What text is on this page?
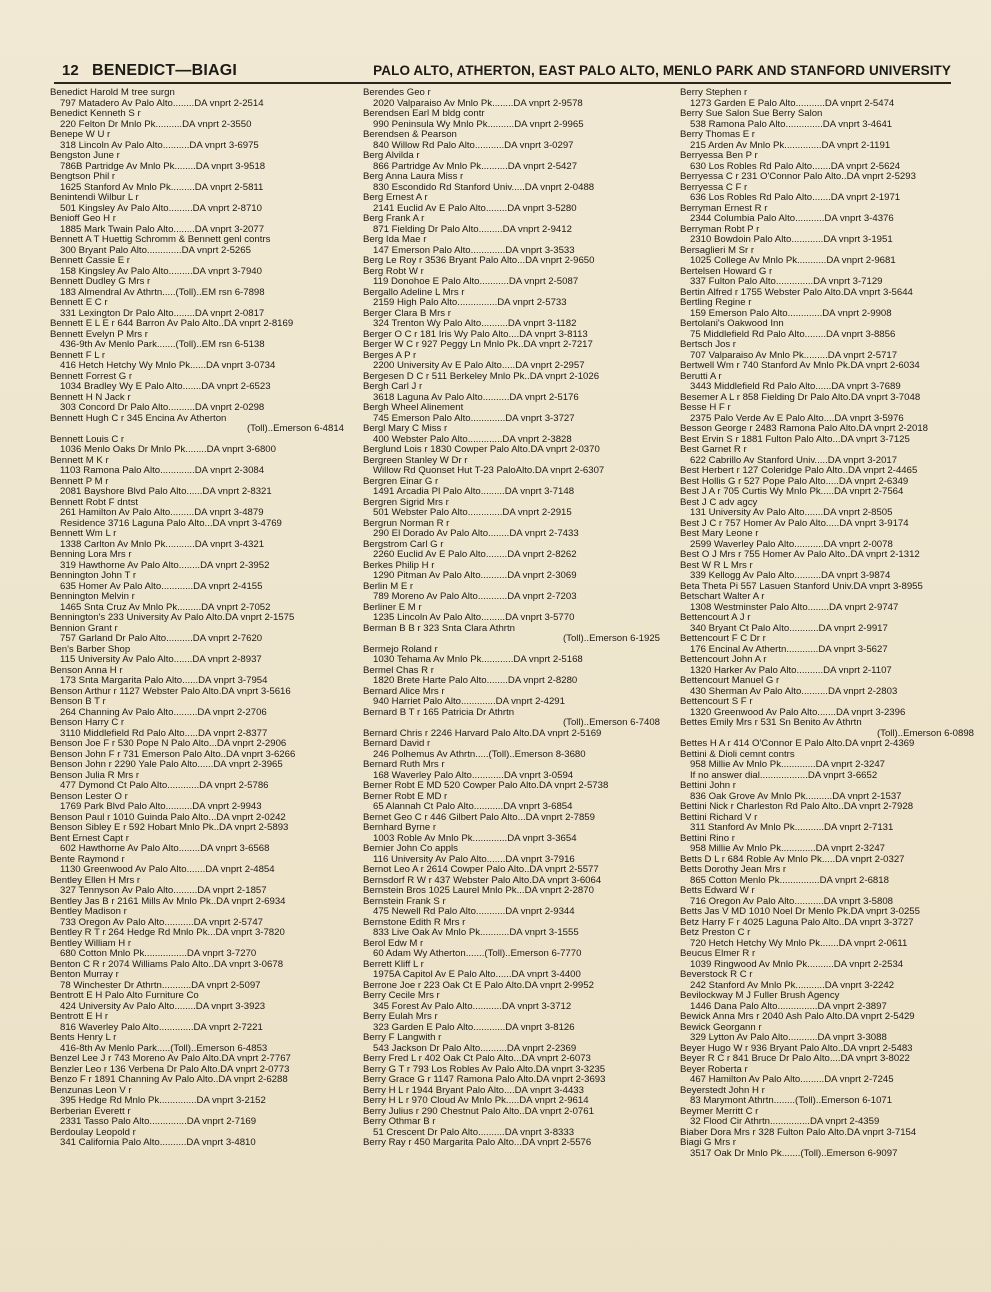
12 BENEDICT—BIAGI	PALO ALTO, ATHERTON, EAST PALO ALTO, MENLO PARK AND STANFORD UNIVERSITY
Benedict Harold M tree surgn
797 Matadero Av Palo Alto........DA vnprt 2-2514
Benedict Kenneth S r
220 Felton Dr Mnlo Pk..........DA vnprt 2-3550
Benepe W U r
318 Lincoln Av Palo Alto..........DA vnprt 3-6975
Bengston June r
786B Partridge Av Mnlo Pk........DA vnprt 3-9518
Bengtson Phil r
1625 Stanford Av Mnlo Pk.........DA vnprt 2-5811
Benintendi Wilbur L r
501 Kingsley Av Palo Alto.........DA vnprt 2-8710
Benioff Geo H r
1885 Mark Twain Palo Alto........DA vnprt 3-2077
Bennett A T Huettig Schromm & Bennett genl contrs
300 Bryant Palo Alto.............DA vnprt 2-5265
Bennett Cassie E r
158 Kingsley Av Palo Alto.........DA vnprt 3-7940
Bennett Dudley G Mrs r
183 Almendral Av Athrtn.....(Toll)..EM rsn 6-7898
Bennett E C r
331 Lexington Dr Palo Alto........DA vnprt 2-0817
Bennett E L E r 644 Barron Av Palo Alto..DA vnprt 2-8169
Bennett Evelyn P Mrs r
436-9th Av Menlo Park.......(Toll)..EM rsn 6-5138
Bennett F L r
416 Hetch Hetchy Wy Mnlo Pk......DA vnprt 3-0734
Bennett Forrest G r
1034 Bradley Wy E Palo Alto.......DA vnprt 2-6523
Bennett H N Jack r
303 Concord Dr Palo Alto..........DA vnprt 2-0298
Bennett Hugh C r 345 Encina Av Atherton
(Toll)..Emerson 6-4814
Bennett Louis C r
1036 Menlo Oaks Dr Mnlo Pk........DA vnprt 3-6800
Bennett M K r
1103 Ramona Palo Alto.............DA vnprt 2-3084
Bennett P M r
2081 Bayshore Blvd Palo Alto......DA vnprt 2-8321
Bennett Robt F dntst
261 Hamilton Av Palo Alto.........DA vnprt 3-4879
Residence 3716 Laguna Palo Alto...DA vnprt 3-4769
Bennett Wm L r
1338 Carlton Av Mnlo Pk...........DA vnprt 3-4321
Benning Lora Mrs r
319 Hawthorne Av Palo Alto........DA vnprt 2-3952
Bennington John T r
635 Homer Av Palo Alto............DA vnprt 2-4155
Bennington Melvin r
1465 Snta Cruz Av Mnlo Pk.........DA vnprt 2-7052
Bennington's 233 University Av Palo Alto.DA vnprt 2-1575
Bennion Grant r
757 Garland Dr Palo Alto..........DA vnprt 2-7620
Ben's Barber Shop
115 University Av Palo Alto.......DA vnprt 2-8937
Benson Anna H r
173 Snta Margarita Palo Alto......DA vnprt 3-7954
Benson Arthur r 1127 Webster Palo Alto.DA vnprt 3-5616
Benson B T r
264 Channing Av Palo Alto.........DA vnprt 2-2706
Benson Harry C r
3110 Middlefield Rd Palo Alto.....DA vnprt 2-8377
Benson Joe F r 530 Pope N Palo Alto...DA vnprt 2-2906
Benson John F r 731 Emerson Palo Alto..DA vnprt 3-6266
Benson John r 2290 Yale Palo Alto......DA vnprt 2-3965
Benson Julia R Mrs r
477 Dymond Ct Palo Alto............DA vnprt 2-5786
Benson Lester O r
1769 Park Blvd Palo Alto..........DA vnprt 2-9943
Benson Paul r 1010 Guinda Palo Alto...DA vnprt 2-0242
Benson Sibley E r 592 Hobart Mnlo Pk..DA vnprt 2-5893
Bent Ernest Capt r
602 Hawthorne Av Palo Alto........DA vnprt 3-6568
Bente Raymond r
1130 Greenwood Av Palo Alto.......DA vnprt 2-4854
Bentley Ellen H Mrs r
327 Tennyson Av Palo Alto.........DA vnprt 2-1857
Bentley Jas B r 2161 Mills Av Mnlo Pk..DA vnprt 2-6934
Bentley Madison r
733 Oregon Av Palo Alto...........DA vnprt 2-5747
Bentley R T r 264 Hedge Rd Mnlo Pk...DA vnprt 3-7820
Bentley William H r
680 Cotton Mnlo Pk................DA vnprt 3-7270
Benton C R r 2074 Williams Palo Alto..DA vnprt 3-0678
Benton Murray r
78 Winchester Dr Athrtn...........DA vnprt 2-5097
Bentrott E H Palo Alto Furniture Co
424 University Av Palo Alto........DA vnprt 3-3923
Bentrott E H r
816 Waverley Palo Alto.............DA vnprt 2-7221
Bents Henry L r
416-8th Av Menlo Park.....(Toll)..Emerson 6-4853
Benzel Lee J r 743 Moreno Av Palo Alto.DA vnprt 2-7767
Benzler Leo r 136 Verbena Dr Palo Alto.DA vnprt 2-0773
Benzo F r 1891 Channing Av Palo Alto..DA vnprt 2-6288
Benzunas Leon V r
395 Hedge Rd Mnlo Pk..............DA vnprt 3-2152
Berberian Everett r
2331 Tasso Palo Alto..............DA vnprt 2-7169
Berdoulay Leopold r
341 California Palo Alto..........DA vnprt 3-4810
Berendes Geo r
2020 Valparaiso Av Mnlo Pk........DA vnprt 2-9578
Berendsen Earl M bldg contr
990 Peninsula Wy Mnlo Pk..........DA vnprt 2-9965
Berendsen & Pearson
840 Willow Rd Palo Alto...........DA vnprt 3-0297
Berg Alvilda r
866 Partridge Av Mnlo Pk..........DA vnprt 2-5427
Berg Anna Laura Miss r
830 Escondido Rd Stanford Univ.....DA vnprt 2-0488
Berg Ernest A r
2141 Euclid Av E Palo Alto........DA vnprt 3-5280
Berg Frank A r
871 Fielding Dr Palo Alto.........DA vnprt 2-9412
Berg Ida Mae r
147 Emerson Palo Alto.............DA vnprt 3-3533
Berg Le Roy r 3536 Bryant Palo Alto...DA vnprt 2-9650
Berg Robt W r
119 Donohoe E Palo Alto...........DA vnprt 2-5087
Bergallo Adeline L Mrs r
2159 High Palo Alto...............DA vnprt 2-5733
Berger Clara B Mrs r
324 Trenton Wy Palo Alto..........DA vnprt 3-1182
Berger O C r 181 Iris Wy Palo Alto....DA vnprt 3-8113
Berger W C r 927 Peggy Ln Mnlo Pk..DA vnprt 2-7217
Berges A P r
2200 University Av E Palo Alto.....DA vnprt 2-2957
Bergesen D C r 511 Berkeley Mnlo Pk..DA vnprt 2-1026
Bergh Carl J r
3618 Laguna Av Palo Alto..........DA vnprt 2-5176
Bergh Wheel Alinement
745 Emerson Palo Alto.............DA vnprt 3-3727
Bergl Mary C Miss r
400 Webster Palo Alto.............DA vnprt 2-3828
Berglund Lois r 1830 Cowper Palo Alto.DA vnprt 2-0370
Bergreen Stanley W Dr r
Willow Rd Quonset Hut T-23 PaloAlto.DA vnprt 2-6307
Bergren Einar G r
1491 Arcadia Pl Palo Alto.........DA vnprt 3-7148
Bergren Sigrid Mrs r
501 Webster Palo Alto.............DA vnprt 2-2915
Bergrun Norman R r
290 El Dorado Av Palo Alto........DA vnprt 2-7433
Bergstrom Carl G r
2260 Euclid Av E Palo Alto........DA vnprt 2-8262
Berkes Philip H r
1290 Pitman Av Palo Alto..........DA vnprt 2-3069
Berlin M E r
789 Moreno Av Palo Alto...........DA vnprt 2-7203
Berliner E M r
1235 Lincoln Av Palo Alto.........DA vnprt 3-5770
Berman B B r 323 Snta Clara Athrtn
(Toll)..Emerson 6-1925
Bermejo Roland r
1030 Tehama Av Mnlo Pk............DA vnprt 2-5168
Bermel Chas R r
1820 Brete Harte Palo Alto........DA vnprt 2-8280
Bernard Alice Mrs r
940 Harriet Palo Alto.............DA vnprt 2-4291
Bernard B T r 165 Patricia Dr Athrtn
(Toll)..Emerson 6-7408
Bernard Chris r 2246 Harvard Palo Alto.DA vnprt 2-5169
Bernard David r
246 Polhemus Av Athrtn.....(Toll)..Emerson 8-3680
Bernard Ruth Mrs r
168 Waverley Palo Alto............DA vnprt 3-0594
Berner Robt E MD 520 Cowper Palo Alto.DA vnprt 2-5738
Berner Robt E MD r
65 Alannah Ct Palo Alto...........DA vnprt 3-6854
Bernet Geo C r 446 Gilbert Palo Alto...DA vnprt 2-7859
Bernhard Byrne r
1003 Roble Av Mnlo Pk.............DA vnprt 3-3654
Bernier John Co appls
116 University Av Palo Alto.......DA vnprt 3-7916
Bernot Leo A r 2614 Cowper Palo Alto..DA vnprt 2-5577
Bernsdorf R W r 437 Webster Palo Alto.DA vnprt 3-6064
Bernstein Bros 1025 Laurel Mnlo Pk...DA vnprt 2-2870
Bernstein Frank S r
475 Newell Rd Palo Alto...........DA vnprt 2-9344
Bernstone Edith R Mrs r
833 Live Oak Av Mnlo Pk...........DA vnprt 3-1555
Berol Edw M r
60 Adam Wy Atherton.......(Toll)..Emerson 6-7770
Berrett Kliff L r
1975A Capitol Av E Palo Alto......DA vnprt 3-4400
Berrone Joe r 223 Oak Ct E Palo Alto.DA vnprt 2-9952
Berry Cecile Mrs r
345 Forest Av Palo Alto...........DA vnprt 3-3712
Berry Eulah Mrs r
323 Garden E Palo Alto............DA vnprt 3-8126
Berry F Langwith r
543 Jackson Dr Palo Alto..........DA vnprt 2-2369
Berry Fred L r 402 Oak Ct Palo Alto...DA vnprt 2-6073
Berry G T r 793 Los Robles Av Palo Alto.DA vnprt 3-3235
Berry Grace G r 1147 Ramona Palo Alto.DA vnprt 2-3693
Berry H L r 1944 Bryant Palo Alto....DA vnprt 3-4433
Berry H L r 970 Cloud Av Mnlo Pk.....DA vnprt 2-9614
Berry Julius r 290 Chestnut Palo Alto..DA vnprt 2-0761
Berry Othmar B r
51 Crescent Dr Palo Alto..........DA vnprt 3-8333
Berry Ray r 450 Margarita Palo Alto...DA vnprt 2-5576
Berry Stephen r
1273 Garden E Palo Alto...........DA vnprt 2-5474
Berry Sue Salon Sue Berry Salon
538 Ramona Palo Alto..............DA vnprt 3-4641
Berry Thomas E r
215 Arden Av Mnlo Pk..............DA vnprt 2-1191
Berryessa Ben P r
630 Los Robles Rd Palo Alto.......DA vnprt 2-5624
Berryessa C r 231 O'Connor Palo Alto..DA vnprt 2-5293
Berryessa C F r
636 Los Robles Rd Palo Alto.......DA vnprt 2-1971
Berryman Ernest R r
2344 Columbia Palo Alto...........DA vnprt 3-4376
Berryman Robt P r
2310 Bowdoin Palo Alto............DA vnprt 3-1951
Bersaglieri M Sr r
1025 College Av Mnlo Pk...........DA vnprt 2-9681
Bertelsen Howard G r
337 Fulton Palo Alto..............DA vnprt 3-7129
Bertin Alfred r 1755 Webster Palo Alto.DA vnprt 3-5644
Bertling Regine r
159 Emerson Palo Alto.............DA vnprt 2-9908
Bertolani's Oakwood Inn
75 Middlefield Rd Palo Alto........DA vnprt 3-8856
Bertsch Jos r
707 Valparaiso Av Mnlo Pk.........DA vnprt 2-5717
Bertwell Wm r 740 Stanford Av Mnlo Pk.DA vnprt 2-6034
Berutti A r
3443 Middlefield Rd Palo Alto......DA vnprt 3-7689
Besemer A L r 858 Fielding Dr Palo Alto.DA vnprt 3-7048
Besse H F r
2375 Palo Verde Av E Palo Alto....DA vnprt 3-5976
Besson George r 2483 Ramona Palo Alto.DA vnprt 2-2018
Best Ervin S r 1881 Fulton Palo Alto...DA vnprt 3-7125
Best Garnet R r
622 Cabrillo Av Stanford Univ.....DA vnprt 3-2017
Best Herbert r 127 Coleridge Palo Alto..DA vnprt 2-4465
Best Hollis G r 527 Pope Palo Alto.....DA vnprt 2-6349
Best J A r 705 Curtis Wy Mnlo Pk.....DA vnprt 2-7564
Best J C adv agcy
131 University Av Palo Alto.......DA vnprt 2-8505
Best J C r 757 Homer Av Palo Alto.....DA vnprt 3-9174
Best Mary Leone r
2599 Waverley Palo Alto...........DA vnprt 2-0078
Best O J Mrs r 755 Homer Av Palo Alto..DA vnprt 2-1312
Best W R L Mrs r
339 Kellogg Av Palo Alto..........DA vnprt 3-9874
Beta Theta Pi 557 Lasuen Stanford Univ.DA vnprt 3-8955
Betschart Walter A r
1308 Westminster Palo Alto........DA vnprt 2-9747
Bettencourt A J r
340 Bryant Ct Palo Alto...........DA vnprt 2-9917
Bettencourt F C Dr r
176 Encinal Av Athertn............DA vnprt 3-5627
Bettencourt John A r
1320 Harker Av Palo Alto..........DA vnprt 2-1107
Bettencourt Manuel G r
430 Sherman Av Palo Alto..........DA vnprt 2-2803
Bettencourt S F r
1320 Greenwood Av Palo Alto.......DA vnprt 3-2396
Bettes Emily Mrs r 531 Sn Benito Av Athrtn
(Toll)..Emerson 6-0898
Bettes H A r 414 O'Connor E Palo Alto.DA vnprt 2-4369
Bettini & Dioli cemnt contrs
958 Millie Av Mnlo Pk.............DA vnprt 2-3247
If no answer dial..................DA vnprt 3-6652
Bettini John r
836 Oak Grove Av Mnlo Pk..........DA vnprt 2-1537
Bettini Nick r Charleston Rd Palo Alto..DA vnprt 2-7928
Bettini Richard V r
311 Stanford Av Mnlo Pk...........DA vnprt 2-7131
Bettini Rino r
958 Millie Av Mnlo Pk.............DA vnprt 2-3247
Betts D L r 684 Roble Av Mnlo Pk.....DA vnprt 2-0327
Betts Dorothy Jean Mrs r
865 Cotton Menlo Pk...............DA vnprt 2-6818
Betts Edward W r
716 Oregon Av Palo Alto...........DA vnprt 3-5808
Betts Jas V MD 1010 Noel Dr Menlo Pk.DA vnprt 3-0255
Betz Harry F r 4025 Laguna Palo Alto..DA vnprt 3-3727
Betz Preston C r
720 Hetch Hetchy Wy Mnlo Pk.......DA vnprt 2-0611
Beucus Elmer R r
1039 Ringwood Av Mnlo Pk..........DA vnprt 2-2534
Beverstock R C r
242 Stanford Av Mnlo Pk...........DA vnprt 3-2242
Bevilockway M J Fuller Brush Agency
1446 Dana Palo Alto...............DA vnprt 2-3897
Bewick Anna Mrs r 2040 Ash Palo Alto.DA vnprt 2-5429
Bewick Georgann r
329 Lytton Av Palo Alto...........DA vnprt 3-3088
Beyer Hugo W r 936 Bryant Palo Alto..DA vnprt 2-5483
Beyer R C r 841 Bruce Dr Palo Alto....DA vnprt 3-8022
Beyer Roberta r
467 Hamilton Av Palo Alto.........DA vnprt 2-7245
Beyerstedt John H r
83 Marymont Athrtn........(Toll)..Emerson 6-1071
Beymer Merritt C r
32 Flood Cir Athrtn...............DA vnprt 2-4359
Biaber Dora Mrs r 328 Fulton Palo Alto.DA vnprt 3-7154
Biagi G Mrs r
3517 Oak Dr Mnlo Pk.......(Toll)..Emerson 6-9097
